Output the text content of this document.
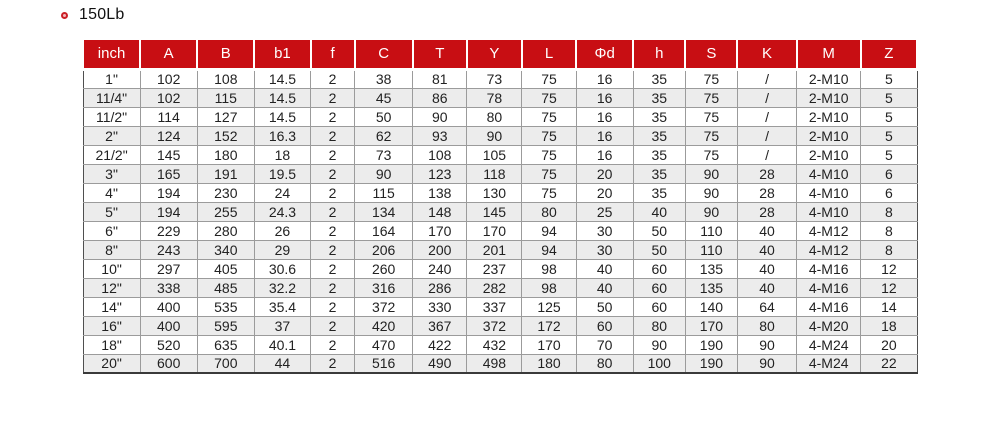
150Lb
inch	A	B	b1	f	C	T	Y	L	Φd	h	S	K	M	Z
1"	102	108	14.5	2	38	81	73	75	16	35	75	/	2-M10	5
11/4"	102	115	14.5	2	45	86	78	75	16	35	75	/	2-M10	5
11/2"	114	127	14.5	2	50	90	80	75	16	35	75	/	2-M10	5
2"	124	152	16.3	2	62	93	90	75	16	35	75	/	2-M10	5
21/2"	145	180	18	2	73	108	105	75	16	35	75	/	2-M10	5
3"	165	191	19.5	2	90	123	118	75	20	35	90	28	4-M10	6
4"	194	230	24	2	115	138	130	75	20	35	90	28	4-M10	6
5"	194	255	24.3	2	134	148	145	80	25	40	90	28	4-M10	8
6"	229	280	26	2	164	170	170	94	30	50	110	40	4-M12	8
8"	243	340	29	2	206	200	201	94	30	50	110	40	4-M12	8
10"	297	405	30.6	2	260	240	237	98	40	60	135	40	4-M16	12
12"	338	485	32.2	2	316	286	282	98	40	60	135	40	4-M16	12
14"	400	535	35.4	2	372	330	337	125	50	60	140	64	4-M16	14
16"	400	595	37	2	420	367	372	172	60	80	170	80	4-M20	18
18"	520	635	40.1	2	470	422	432	170	70	90	190	90	4-M24	20
20"	600	700	44	2	516	490	498	180	80	100	190	90	4-M24	22
